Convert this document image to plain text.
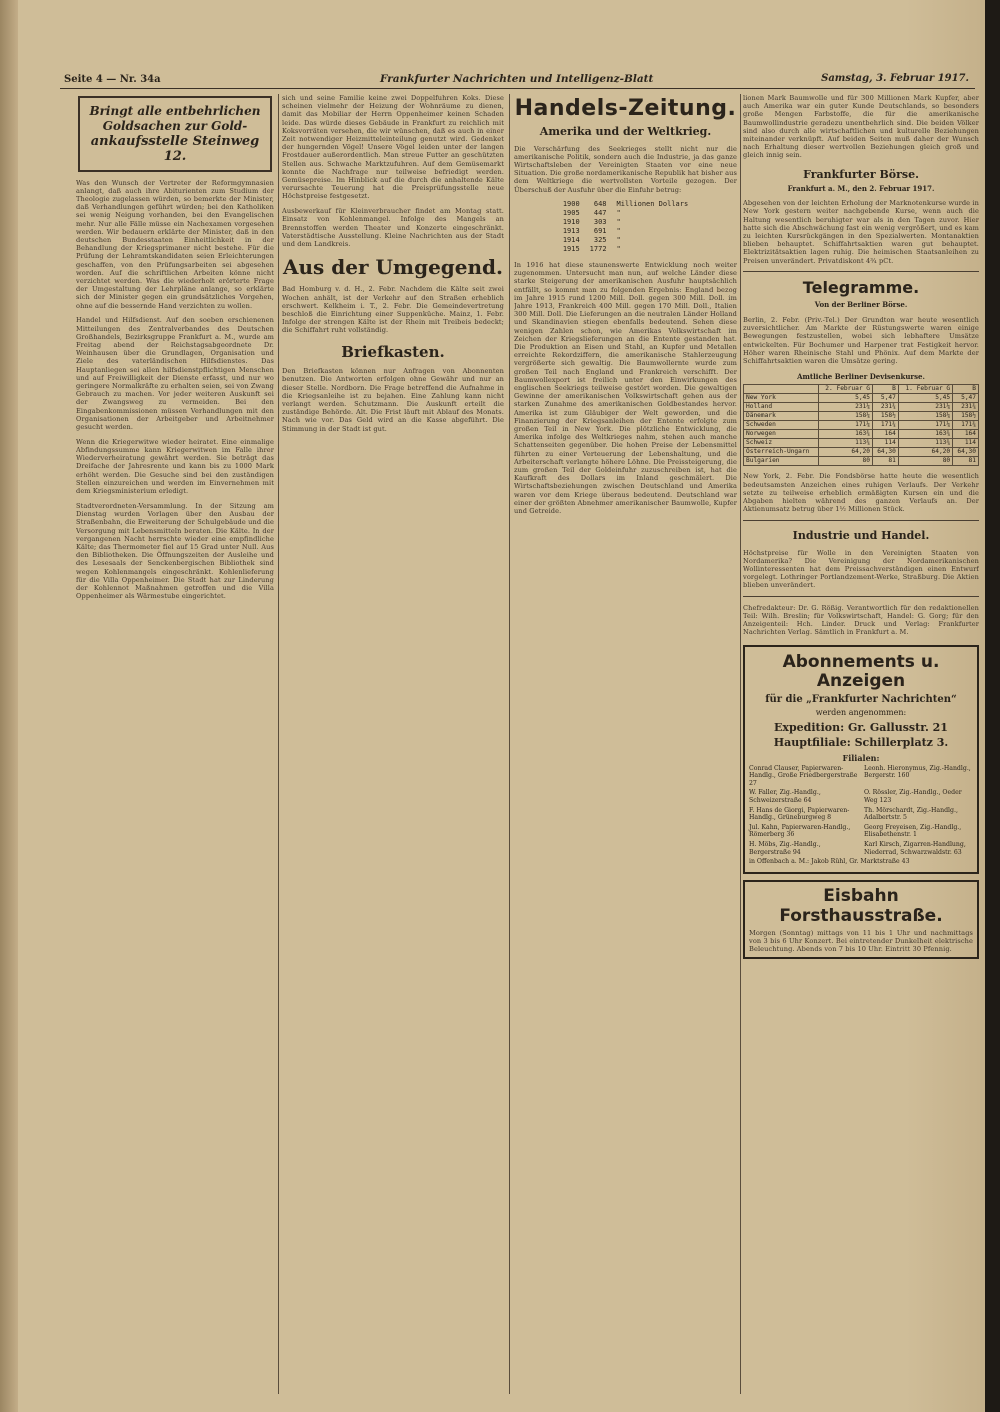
Seite 4 — Nr. 34a	Frankfurter Nachrichten und Intelligenz-Blatt	Samstag, 3. Februar 1917.
Bringt alle entbehrlichen
Goldsachen zur Gold-
ankaufsstelle Steinweg 12.

Was den Wunsch der Vertreter der Reformgymnasien anlangt, daß auch ihre Abiturienten zum Studium der Theologie zugelassen würden, so bemerkte der Minister, daß Verhandlungen geführt würden; bei den Katholiken sei wenig Neigung vorhanden, bei den Evangelischen mehr. Nur alle Fälle müsse ein Nachexamen vorgesehen werden. Wir bedauern erklärte der Minister, daß in den deutschen Bundesstaaten Einheitlichkeit in der Behandlung der Kriegsprimaner nicht bestehe. Für die Prüfung der Lehramtskandidaten seien Erleichterungen geschaffen, von den Prüfungsarbeiten sei abgesehen worden. Auf die schriftlichen Arbeiten könne nicht verzichtet werden. Was die wiederholt erörterte Frage der Umgestaltung der Lehrpläne anlange, so erklärte sich der Minister gegen ein grundsätzliches Vorgehen, ohne auf die bessernde Hand verzichten zu wollen.

Handel und Hilfsdienst. Auf den soeben erschienenen Mitteilungen des Zentralverbandes des Deutschen Großhandels, Bezirksgruppe Frankfurt a. M., wurde am Freitag abend der Reichstagsabgeordnete Dr. Weinhausen über die Grundlagen, Organisation und Ziele des vaterländischen Hilfsdienstes. Das Hauptanliegen sei allen hilfsdienstpflichtigen Menschen und auf Freiwilligkeit der Dienste erfasst, und nur wo geringere Normalkräfte zu erhalten seien, sei von Zwang Gebrauch zu machen. Vor jeder weiteren Auskunft sei der Zwangsweg zu vermeiden. Bei den Eingabenkommissionen müssen Verhandlungen mit den Organisationen der Arbeitgeber und Arbeitnehmer gesucht werden.

Wenn die Kriegerwitwe wieder heiratet. Eine einmalige Abfindungssumme kann Kriegerwitwen im Falle ihrer Wiederverheiratung gewährt werden. Sie beträgt das Dreifache der Jahresrente und kann bis zu 1000 Mark erhöht werden. Die Gesuche sind bei den zuständigen Stellen einzureichen und werden im Einvernehmen mit dem Kriegsministerium erledigt.

Stadtverordneten-Versammlung. In der Sitzung am Dienstag wurden Vorlagen über den Ausbau der Straßenbahn, die Erweiterung der Schulgebäude und die Versorgung mit Lebensmitteln beraten. Die Kälte. In der vergangenen Nacht herrschte wieder eine empfindliche Kälte; das Thermometer fiel auf 15 Grad unter Null. Aus den Bibliotheken. Die Öffnungszeiten der Ausleihe und des Lesesaals der Senckenbergischen Bibliothek sind wegen Kohlenmangels eingeschränkt. Kohlenlieferung für die Villa Oppenheimer. Die Stadt hat zur Linderung der Kohlennot Maßnahmen getroffen und die Villa Oppenheimer als Wärmestube eingerichtet.

sich und seine Familie keine zwei Doppelfuhren Koks. Diese scheinen vielmehr der Heizung der Wohnräume zu dienen, damit das Mobiliar der Herrn Oppenheimer keinen Schaden leide. Das würde dieses Gebäude in Frankfurt zu reichlich mit Koksvorräten versehen, die wir wünschen, daß es auch in einer Zeit notwendiger Heizmitteleinteilung genutzt wird. Gedenket der hungernden Vögel! Unsere Vögel leiden unter der langen Frostdauer außerordentlich. Man streue Futter an geschützten Stellen aus. Schwache Marktzufuhren. Auf dem Gemüsemarkt konnte die Nachfrage nur teilweise befriedigt werden. Gemüsepreise. Im Hinblick auf die durch die anhaltende Kälte verursachte Teuerung hat die Preisprüfungsstelle neue Höchstpreise festgesetzt.

Ausbewerkauf für Kleinverbraucher findet am Montag statt. Einsatz von Kohlenmangel. Infolge des Mangels an Brennstoffen werden Theater und Konzerte eingeschränkt. Vaterstädtische Ausstellung. Kleine Nachrichten aus der Stadt und dem Landkreis.

Aus der Umgegend.

Bad Homburg v. d. H., 2. Febr. Nachdem die Kälte seit zwei Wochen anhält, ist der Verkehr auf den Straßen erheblich erschwert. Kelkheim i. T., 2. Febr. Die Gemeindevertretung beschloß die Einrichtung einer Suppenküche. Mainz, 1. Febr. Infolge der strengen Kälte ist der Rhein mit Treibeis bedeckt; die Schiffahrt ruht vollständig.

Briefkasten.

Den Briefkasten können nur Anfragen von Abonnenten benutzen. Die Antworten erfolgen ohne Gewähr und nur an dieser Stelle. Nordborn. Die Frage betreffend die Aufnahme in die Kriegsanleihe ist zu bejahen. Eine Zahlung kann nicht verlangt werden. Schutzmann. Die Auskunft erteilt die zuständige Behörde. Alt. Die Frist läuft mit Ablauf des Monats. Nach wie vor. Das Geld wird an die Kasse abgeführt. Die Stimmung in der Stadt ist gut.

Handels-Zeitung.
Amerika und der Weltkrieg.

Die Verschärfung des Seekrieges stellt nicht nur die amerikanische Politik, sondern auch die Industrie, ja das ganze Wirtschaftsleben der Vereinigten Staaten vor eine neue Situation. Die große nordamerikanische Republik hat bisher aus dem Weltkriege die wertvollsten Vorteile gezogen. Der Überschuß der Ausfuhr über die Einfuhr betrug:

1900	648	Millionen Dollars
1905	447	"
1910	303	"
1913	691	"
1914	325	"
1915	1772	"

In 1916 hat diese staunenswerte Entwicklung noch weiter zugenommen. Untersucht man nun, auf welche Länder diese starke Steigerung der amerikanischen Ausfuhr hauptsächlich entfällt, so kommt man zu folgenden Ergebnis: England bezog im Jahre 1915 rund 1200 Mill. Doll. gegen 300 Mill. Doll. im Jahre 1913, Frankreich 400 Mill. gegen 170 Mill. Doll., Italien 300 Mill. Doll. Die Lieferungen an die neutralen Länder Holland und Skandinavien stiegen ebenfalls bedeutend. Sehen diese wenigen Zahlen schon, wie Amerikas Volkswirtschaft im Zeichen der Kriegslieferungen an die Entente gestanden hat. Die Produktion an Eisen und Stahl, an Kupfer und Metallen erreichte Rekordziffern, die amerikanische Stahlerzeugung vergrößerte sich gewaltig. Die Baumwollernte wurde zum großen Teil nach England und Frankreich verschifft. Der Baumwollexport ist freilich unter den Einwirkungen des englischen Seekriegs teilweise gestört worden. Die gewaltigen Gewinne der amerikanischen Volkswirtschaft gehen aus der starken Zunahme des amerikanischen Goldbestandes hervor. Amerika ist zum Gläubiger der Welt geworden, und die Finanzierung der Kriegsanleihen der Entente erfolgte zum großen Teil in New York. Die plötzliche Entwicklung, die Amerika infolge des Weltkrieges nahm, stehen auch manche Schattenseiten gegenüber. Die hohen Preise der Lebensmittel führten zu einer Verteuerung der Lebenshaltung, und die Arbeiterschaft verlangte höhere Löhne. Die Preissteigerung, die zum großen Teil der Goldeinfuhr zuzuschreiben ist, hat die Kaufkraft des Dollars im Inland geschmälert. Die Wirtschaftsbeziehungen zwischen Deutschland und Amerika waren vor dem Kriege überaus bedeutend. Deutschland war einer der größten Abnehmer amerikanischer Baumwolle, Kupfer und Getreide.

lionen Mark Baumwolle und für 300 Millionen Mark Kupfer, aber auch Amerika war ein guter Kunde Deutschlands, so besonders große Mengen Farbstoffe, die für die amerikanische Baumwollindustrie geradezu unentbehrlich sind. Die beiden Völker sind also durch alle wirtschaftlichen und kulturelle Beziehungen miteinander verknüpft. Auf beiden Seiten muß daher der Wunsch nach Erhaltung dieser wertvollen Beziehungen gleich groß und gleich innig sein.

Frankfurter Börse.
Frankfurt a. M., den 2. Februar 1917.

Abgesehen von der leichten Erholung der Marknotenkurse wurde in New York gestern weiter nachgebende Kurse, wenn auch die Haltung wesentlich beruhigter war als in den Tagen zuvor. Hier hatte sich die Abschwächung fast ein wenig vergrößert, und es kam zu leichten Kursrückgängen in den Spezialwerten. Montanaktien blieben behauptet. Schiffahrtsaktien waren gut behauptet. Elektrizitätsaktien lagen ruhig. Die heimischen Staatsanleihen zu Preisen unverändert. Privatdiskont 4¾ pCt.

Telegramme.
Von der Berliner Börse.

Berlin, 2. Febr. (Priv.-Tel.) Der Grundton war heute wesentlich zuversichtlicher. Am Markte der Rüstungswerte waren einige Bewegungen festzustellen, wobei sich lebhaftere Umsätze entwickelten. Für Bochumer und Harpener trat Festigkeit hervor. Höher waren Rheinische Stahl und Phönix. Auf dem Markte der Schiffahrtsaktien waren die Umsätze gering.

Amtliche Berliner Devisenkurse.
	2. Februar G	B	1. Februar G	B
New York	5,45	5,47	5,45	5,47
Holland	231¼	231¾	231¼	231¾
Dänemark	158¼	158½	158¼	158½
Schweden	171¼	171¾	171¼	171¾
Norwegen	163¾	164	163¾	164
Schweiz	113¾	114	113¾	114
Österreich-Ungarn	64,20	64,30	64,20	64,30
Bulgarien	80	81	80	81

New York, 2. Febr. Die Fondsbörse hatte heute die wesentlich bedeutsamsten Anzeichen eines ruhigen Verlaufs. Der Verkehr setzte zu teilweise erheblich ermäßigten Kursen ein und die Abgaben hielten während des ganzen Verlaufs an. Der Aktienumsatz betrug über 1½ Millionen Stück.

Industrie und Handel.

Höchstpreise für Wolle in den Vereinigten Staaten von Nordamerika? Die Vereinigung der Nordamerikanischen Wollinteressenten hat dem Preissachverständigen einen Entwurf vorgelegt. Lothringer Portlandzement-Werke, Straßburg. Die Aktien blieben unverändert.

Chefredakteur: Dr. G. Rößig. Verantwortlich für den redaktionellen Teil: Wilh. Breslin; für Volkswirtschaft, Handel: G. Gorg; für den Anzeigenteil: Hch. Linder. Druck und Verlag: Frankfurter Nachrichten Verlag. Sämtlich in Frankfurt a. M.

Abonnements u. Anzeigen
für die „Frankfurter Nachrichten“
werden angenommen:
Expedition: Gr. Gallusstr. 21
Hauptfiliale: Schillerplatz 3.
Filialen:
Conrad Clauser, Papierwaren-Handlg., Große Friedbergerstraße 27
Leonh. Hieronymus, Zig.-Handlg., Bergerstr. 160
W. Faller, Zig.-Handlg., Schweizerstraße 64
O. Rössler, Zig.-Handlg., Oeder Weg 123
F. Hans de Giorgi, Papierwaren-Handlg., Grüneburgweg 8
Th. Mörschardt, Zig.-Handlg., Adalbertstr. 5
Jul. Kahn, Papierwaren-Handlg., Römerberg 36
Georg Freyeisen, Zig.-Handlg., Elisabethenstr. 1
H. Möbs, Zig.-Handlg., Bergerstraße 94
Karl Kirsch, Zigarren-Handlung, Niederrad, Schwarzwaldstr. 63
in Offenbach a. M.: Jakob Rühl, Gr. Marktstraße 43
Eisbahn Forsthausstraße.

Morgen (Sonntag) mittags von 11 bis 1 Uhr und nachmittags von 3 bis 6 Uhr Konzert. Bei eintretender Dunkelheit elektrische Beleuchtung. Abends von 7 bis 10 Uhr. Eintritt 30 Pfennig.
